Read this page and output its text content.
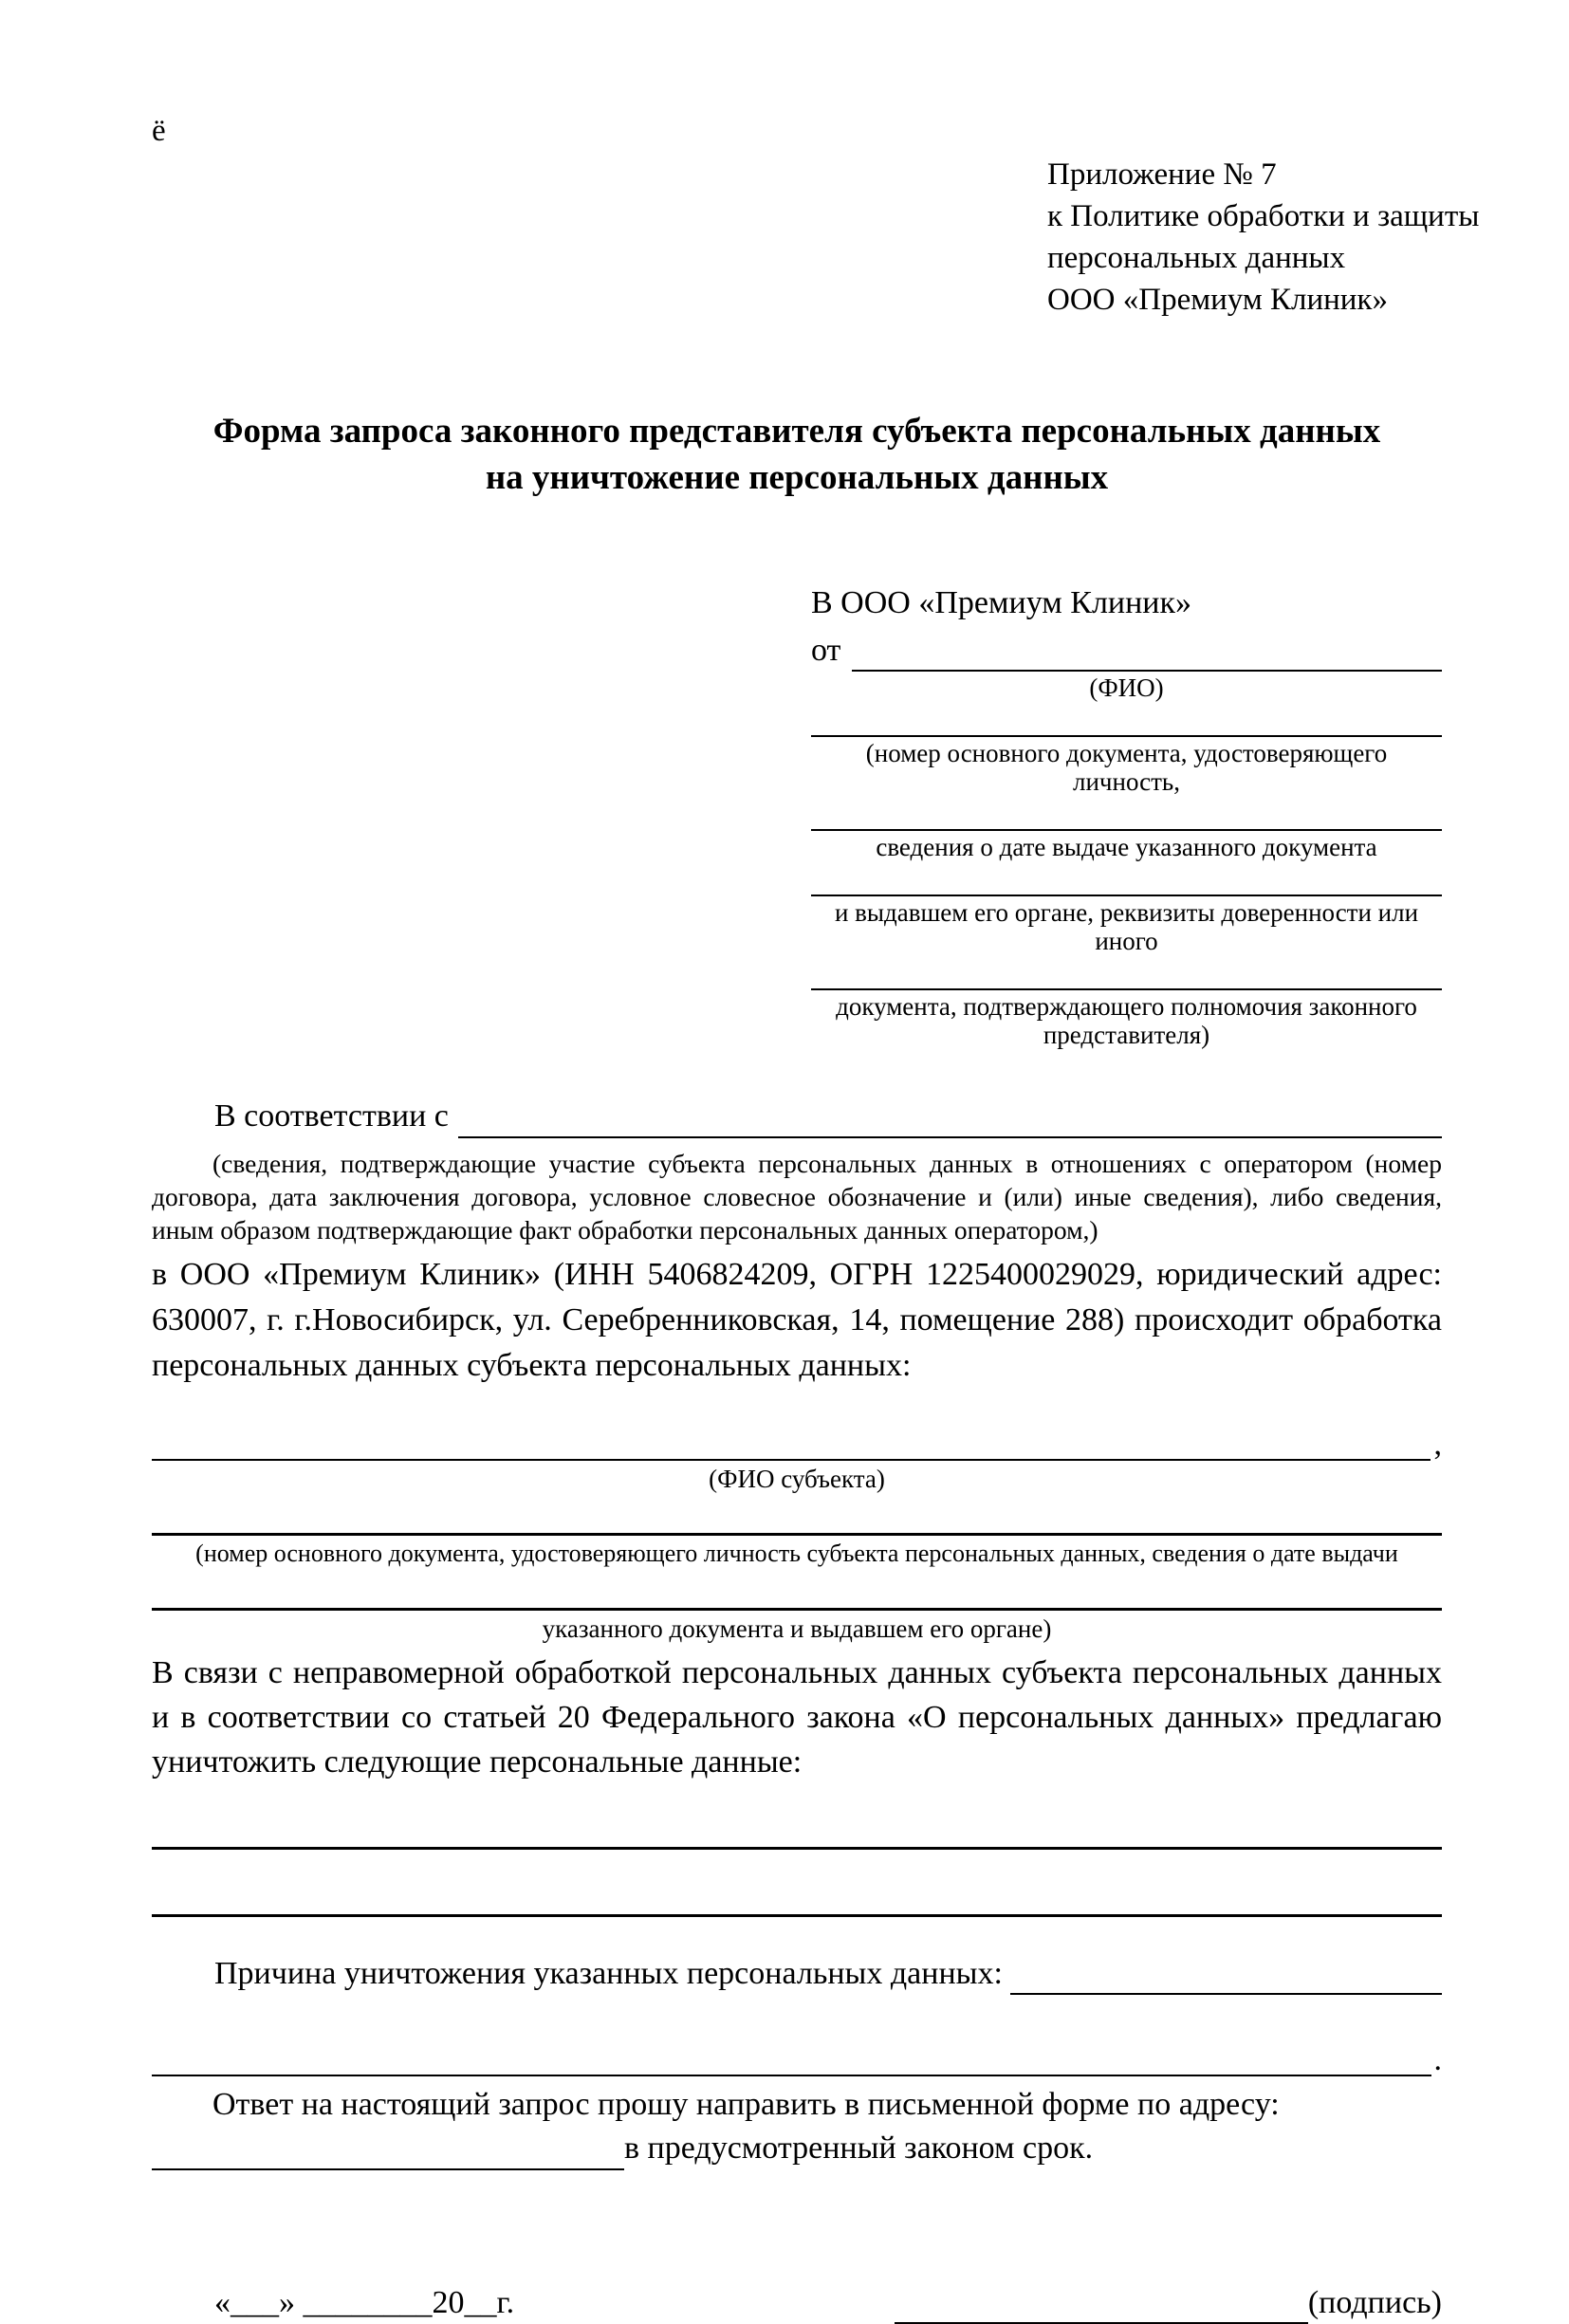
ё
Приложение № 7
к Политике обработки и защиты
персональных данных
ООО «Премиум Клиник»
Форма запроса законного представителя субъекта персональных данных
на уничтожение персональных данных
В ООО «Премиум Клиник»
от
(ФИО)
(номер основного документа, удостоверяющего личность,
сведения о дате выдаче указанного документа
и выдавшем его органе, реквизиты доверенности или иного
документа, подтверждающего полномочия законного представителя)
В соответствии с
(сведения, подтверждающие участие субъекта персональных данных в отношениях с оператором (номер договора, дата заключения договора, условное словесное обозначение и (или) иные сведения), либо сведения, иным образом подтверждающие факт обработки персональных данных оператором,)
в ООО «Премиум Клиник» (ИНН 5406824209, ОГРН 1225400029029, юридический адрес: 630007, г. г.Новосибирск, ул. Серебренниковская, 14, помещение 288) происходит обработка персональных данных субъекта персональных данных:
,
(ФИО субъекта)
(номер основного документа, удостоверяющего личность субъекта персональных данных, сведения о дате выдачи
указанного документа и выдавшем его органе)
В связи с неправомерной обработкой персональных данных субъекта персональных данных и в соответствии со статьей 20 Федерального закона «О персональных данных» предлагаю уничтожить следующие персональные данные:
Причина уничтожения указанных персональных данных:
.
Ответ на настоящий запрос прошу направить в письменной форме по адресу:
в предусмотренный законом срок.
«___» ________20__г.	(подпись)
